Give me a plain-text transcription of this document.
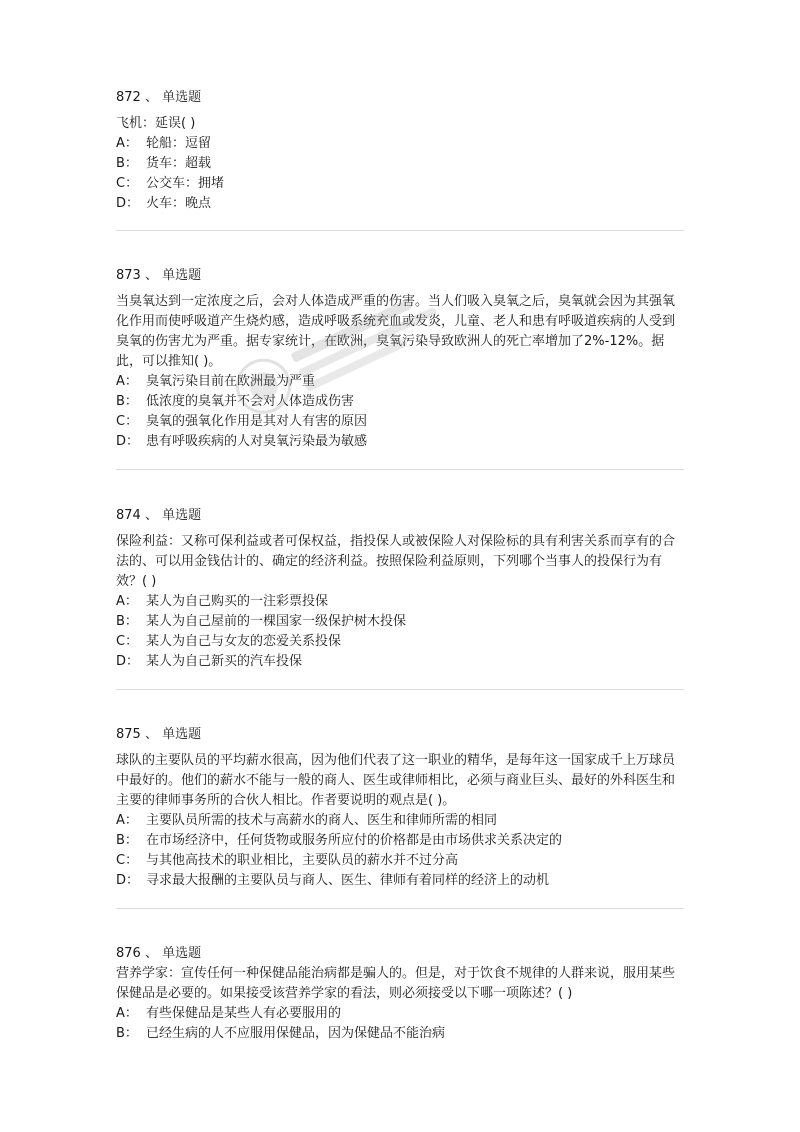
872 、 单选题

飞机：延误( )

A： 轮船：逗留
B： 货车：超载
C： 公交车：拥堵
D： 火车：晚点
873 、 单选题

当臭氧达到一定浓度之后，会对人体造成严重的伤害。当人们吸入臭氧之后，臭氧就会因为其强氧化作用而使呼吸道产生烧灼感，造成呼吸系统充血或发炎，儿童、老人和患有呼吸道疾病的人受到臭氧的伤害尤为严重。据专家统计，在欧洲，臭氧污染导致欧洲人的死亡率增加了2%-12%。据此，可以推知( )。

A： 臭氧污染目前在欧洲最为严重
B： 低浓度的臭氧并不会对人体造成伤害
C： 臭氧的强氧化作用是其对人有害的原因
D： 患有呼吸疾病的人对臭氧污染最为敏感
874 、 单选题

保险利益：又称可保利益或者可保权益，指投保人或被保险人对保险标的具有利害关系而享有的合法的、可以用金钱估计的、确定的经济利益。按照保险利益原则，下列哪个当事人的投保行为有效？( )

A： 某人为自己购买的一注彩票投保
B： 某人为自己屋前的一棵国家一级保护树木投保
C： 某人为自己与女友的恋爱关系投保
D： 某人为自己新买的汽车投保
875 、 单选题

球队的主要队员的平均薪水很高，因为他们代表了这一职业的精华，是每年这一国家成千上万球员中最好的。他们的薪水不能与一般的商人、医生或律师相比，必须与商业巨头、最好的外科医生和主要的律师事务所的合伙人相比。作者要说明的观点是( )。

A： 主要队员所需的技术与高薪水的商人、医生和律师所需的相同
B： 在市场经济中，任何货物或服务所应付的价格都是由市场供求关系决定的
C： 与其他高技术的职业相比，主要队员的薪水并不过分高
D： 寻求最大报酬的主要队员与商人、医生、律师有着同样的经济上的动机
876 、 单选题

营养学家：宣传任何一种保健品能治病都是骗人的。但是，对于饮食不规律的人群来说，服用某些保健品是必要的。如果接受该营养学家的看法，则必须接受以下哪一项陈述？( )

A： 有些保健品是某些人有必要服用的
B： 已经生病的人不应服用保健品，因为保健品不能治病
